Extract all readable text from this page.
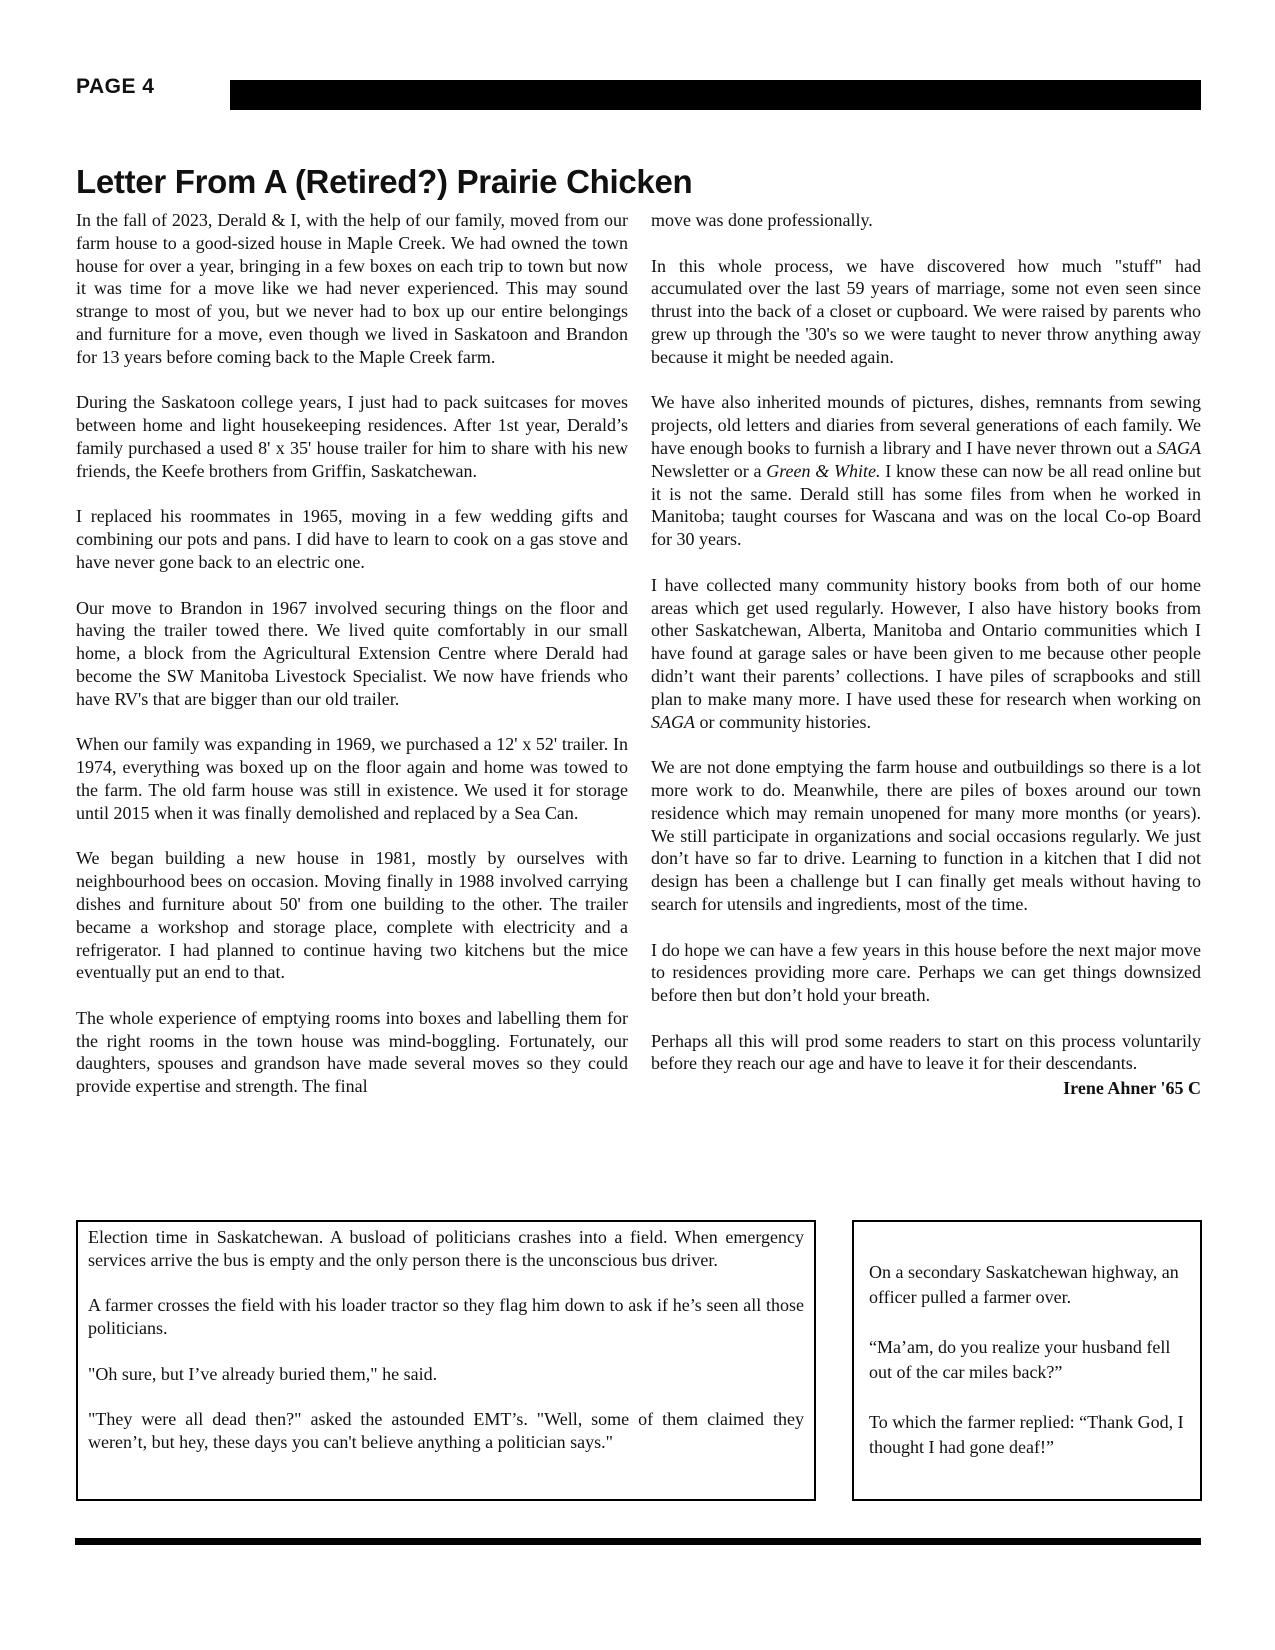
PAGE 4
Letter From A (Retired?) Prairie Chicken

In the fall of 2023, Derald & I, with the help of our family, moved from our farm house to a good-sized house in Maple Creek. We had owned the town house for over a year, bringing in a few boxes on each trip to town but now it was time for a move like we had never experienced. This may sound strange to most of you, but we never had to box up our entire belongings and furniture for a move, even though we lived in Saskatoon and Brandon for 13 years before coming back to the Maple Creek farm.

During the Saskatoon college years, I just had to pack suitcases for moves between home and light housekeeping residences. After 1st year, Derald’s family purchased a used 8' x 35' house trailer for him to share with his new friends, the Keefe brothers from Griffin, Saskatchewan.

I replaced his roommates in 1965, moving in a few wedding gifts and combining our pots and pans. I did have to learn to cook on a gas stove and have never gone back to an electric one.

Our move to Brandon in 1967 involved securing things on the floor and having the trailer towed there. We lived quite comfortably in our small home, a block from the Agricultural Extension Centre where Derald had become the SW Manitoba Livestock Specialist. We now have friends who have RV's that are bigger than our old trailer.

When our family was expanding in 1969, we purchased a 12' x 52' trailer. In 1974, everything was boxed up on the floor again and home was towed to the farm. The old farm house was still in existence. We used it for storage until 2015 when it was finally demolished and replaced by a Sea Can.

We began building a new house in 1981, mostly by ourselves with neighbourhood bees on occasion. Moving finally in 1988 involved carrying dishes and furniture about 50' from one building to the other. The trailer became a workshop and storage place, complete with electricity and a refrigerator. I had planned to continue having two kitchens but the mice eventually put an end to that.

The whole experience of emptying rooms into boxes and labelling them for the right rooms in the town house was mind-boggling. Fortunately, our daughters, spouses and grandson have made several moves so they could provide expertise and strength. The final

move was done professionally.

In this whole process, we have discovered how much "stuff" had accumulated over the last 59 years of marriage, some not even seen since thrust into the back of a closet or cupboard. We were raised by parents who grew up through the '30's so we were taught to never throw anything away because it might be needed again.

We have also inherited mounds of pictures, dishes, remnants from sewing projects, old letters and diaries from several generations of each family. We have enough books to furnish a library and I have never thrown out a SAGA Newsletter or a Green & White. I know these can now be all read online but it is not the same. Derald still has some files from when he worked in Manitoba; taught courses for Wascana and was on the local Co-op Board for 30 years.

I have collected many community history books from both of our home areas which get used regularly. However, I also have history books from other Saskatchewan, Alberta, Manitoba and Ontario communities which I have found at garage sales or have been given to me because other people didn’t want their parents’ collections. I have piles of scrapbooks and still plan to make many more. I have used these for research when working on SAGA or community histories.

We are not done emptying the farm house and outbuildings so there is a lot more work to do. Meanwhile, there are piles of boxes around our town residence which may remain unopened for many more months (or years). We still participate in organizations and social occasions regularly. We just don’t have so far to drive. Learning to function in a kitchen that I did not design has been a challenge but I can finally get meals without having to search for utensils and ingredients, most of the time.

I do hope we can have a few years in this house before the next major move to residences providing more care. Perhaps we can get things downsized before then but don’t hold your breath.

Perhaps all this will prod some readers to start on this process voluntarily before they reach our age and have to leave it for their descendants.

Irene Ahner '65 C

Election time in Saskatchewan. A busload of politicians crashes into a field. When emergency services arrive the bus is empty and the only person there is the unconscious bus driver.

A farmer crosses the field with his loader tractor so they flag him down to ask if he’s seen all those politicians.

"Oh sure, but I’ve already buried them," he said.

"They were all dead then?" asked the astounded EMT’s. "Well, some of them claimed they weren’t, but hey, these days you can't believe anything a politician says."

On a secondary Saskatchewan highway, an officer pulled a farmer over.

“Ma’am, do you realize your husband fell out of the car miles back?”

To which the farmer replied: “Thank God, I thought I had gone deaf!”
